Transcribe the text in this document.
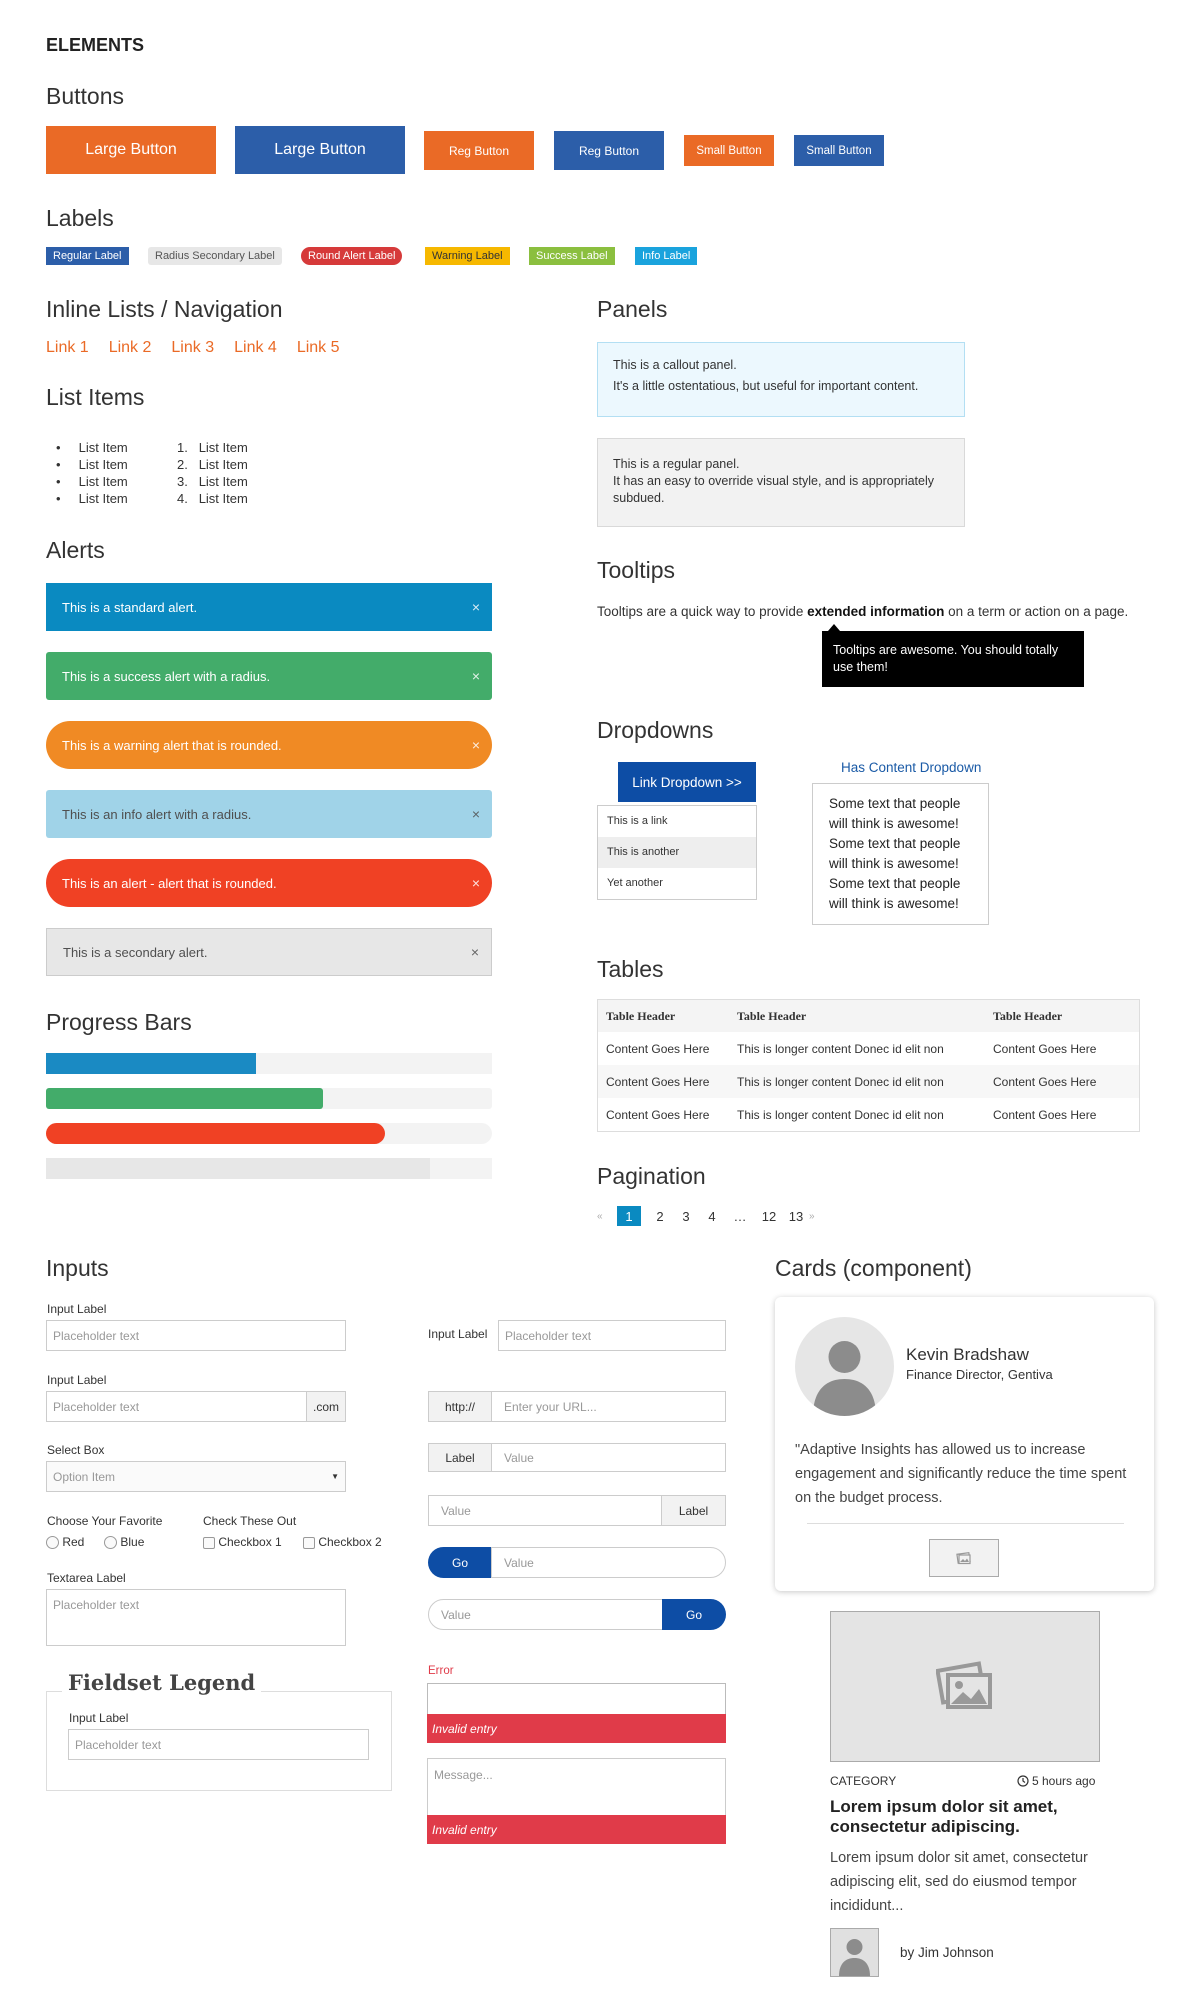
ELEMENTS
Buttons
Large Button	Large Button	Reg Button	Reg Button	Small Button	Small Button
Labels
Regular Label	Radius Secondary Label	Round Alert Label	Warning Label	Success Label	Info Label
Inline Lists / Navigation
Link 1 Link 2 Link 3 Link 4 Link 5
List Items
•     List Item
•     List Item
•     List Item
•     List Item
1. List Item
2. List Item
3. List Item
4. List Item
Alerts
This is a standard alert.	×
This is a success alert with a radius.	×
This is a warning alert that is rounded.	×
This is an info alert with a radius.	×
This is an alert - alert that is rounded.	×
This is a secondary alert.	×
Progress Bars
Panels
This is a callout panel.
It's a little ostentatious, but useful for important content.
This is a regular panel.
It has an easy to override visual style, and is appropriately subdued.
Tooltips
Tooltips are a quick way to provide extended information on a term or action on a page.
Tooltips are awesome. You should totally use them!
Dropdowns
Link Dropdown >>
This is a link
This is another
Yet another
Has Content Dropdown
Some text that people will think is awesome! Some text that people will think is awesome! Some text that people will think is awesome!
Tables
Table Header	Table Header	Table Header
Content Goes Here	This is longer content Donec id elit non	Content Goes Here
Content Goes Here	This is longer content Donec id elit non	Content Goes Here
Content Goes Here	This is longer content Donec id elit non	Content Goes Here
Pagination
«	1	2	3	4	…	12 13 »
Inputs
Input Label
Placeholder text
Input Label
Placeholder text	.com
Select Box
Option Item	▼
Choose Your Favorite
Red	Blue
Check These Out
Checkbox 1	Checkbox 2
Textarea Label
Placeholder text
Fieldset Legend
Input Label
Placeholder text
Input Label	Placeholder text
http://	Enter your URL...
Label	Value
Value	Label
Go	Value
Value	Go
Error
Invalid entry
Message...
Invalid entry
Cards (component)
Kevin Bradshaw
Finance Director, Gentiva
"Adaptive Insights has allowed us to increase engagement and significantly reduce the time spent on the budget process.
CATEGORY	5 hours ago
Lorem ipsum dolor sit amet, consectetur adipiscing.
Lorem ipsum dolor sit amet, consectetur adipiscing elit, sed do eiusmod tempor incididunt...
by Jim Johnson
